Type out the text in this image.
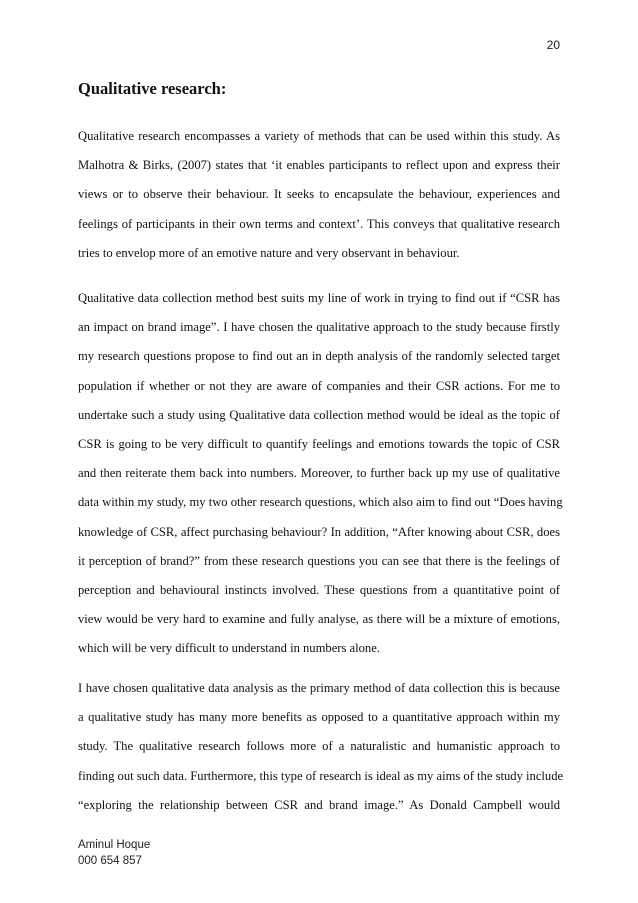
20
Qualitative research:
Qualitative research encompasses a variety of methods that can be used within this study. As
Malhotra & Birks, (2007) states that ‘it enables participants to reflect upon and express their
views or to observe their behaviour. It seeks to encapsulate the behaviour, experiences and
feelings of participants in their own terms and context’. This conveys that qualitative research
tries to envelop more of an emotive nature and very observant in behaviour.
Qualitative data collection method best suits my line of work in trying to find out if “CSR has
an impact on brand image”. I have chosen the qualitative approach to the study because firstly
my research questions propose to find out an in depth analysis of the randomly selected target
population if whether or not they are aware of companies and their CSR actions. For me to
undertake such a study using Qualitative data collection method would be ideal as the topic of
CSR is going to be very difficult to quantify feelings and emotions towards the topic of CSR
and then reiterate them back into numbers. Moreover, to further back up my use of qualitative
data within my study, my two other research questions, which also aim to find out “Does having
knowledge of CSR, affect purchasing behaviour? In addition, “After knowing about CSR, does
it perception of brand?” from these research questions you can see that there is the feelings of
perception and behavioural instincts involved. These questions from a quantitative point of
view would be very hard to examine and fully analyse, as there will be a mixture of emotions,
which will be very difficult to understand in numbers alone.
I have chosen qualitative data analysis as the primary method of data collection this is because
a qualitative study has many more benefits as opposed to a quantitative approach within my
study. The qualitative research follows more of a naturalistic and humanistic approach to
finding out such data. Furthermore, this type of research is ideal as my aims of the study include
“exploring the relationship between CSR and brand image.” As Donald Campbell would
Aminul Hoque
000 654 857
